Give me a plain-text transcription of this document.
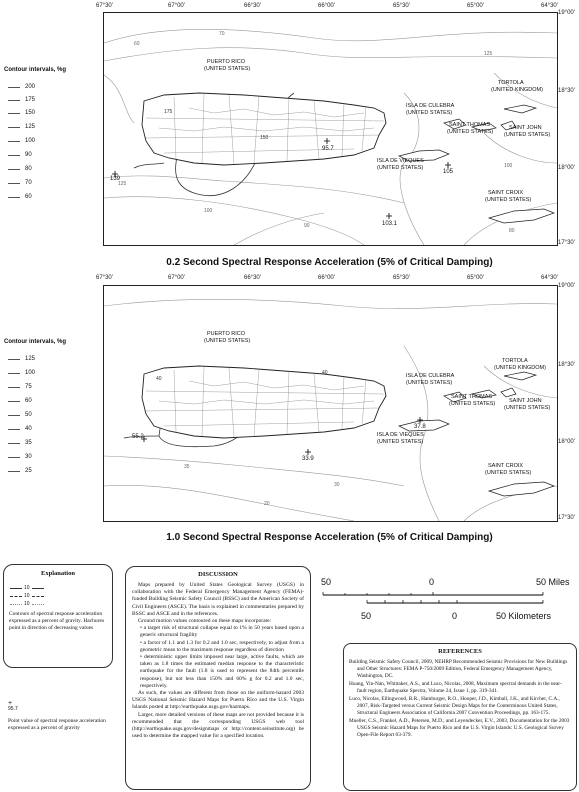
67°30'	67°00'	66°30'	66°00'	65°30'	65°00'	64°30'
19°00'
18°30'
18°00'
17°30'
Contour intervals, %g
200
175
150
125
100
90
80
70
60
PUERTO RICO
(UNITED STATES)
ISLA DE CULEBRA
(UNITED STATES)
TORTOLA
(UNITED KINGDOM)
SAINT THOMAS
(UNITED STATES)
SAINT JOHN
(UNITED STATES)
ISLA DE VIEQUES
(UNITED STATES)
SAINT CROIX
(UNITED STATES)
139
95.7
105
103.1
175
150
125
100
90
80
70
60
100
125
0.2 Second Spectral Response Acceleration (5% of Critical Damping)
67°30'	67°00'	66°30'	66°00'	65°30'	65°00'	64°30'
19°00'
18°30'
18°00'
17°30'
Contour intervals, %g
125
100
75
60
50
40
35
30
25
PUERTO RICO
(UNITED STATES)
ISLA DE CULEBRA
(UNITED STATES)
TORTOLA
(UNITED KINGDOM)
SAINT THOMAS
(UNITED STATES)	SAINT JOHN
(UNITED STATES)
ISLA DE VIEQUES
(UNITED STATES)
SAINT CROIX
(UNITED STATES)
55.2
37.8
33.9
40
40
35
30
20
1.0 Second Spectral Response Acceleration (5% of Critical Damping)
Explanation
10
10
10
Contours of spectral response acceleration expressed as a percent of gravity. Hachures point in direction of decreasing values
+
95.7
Point value of spectral response acceleration expressed as a percent of gravity
DISCUSSION
Maps prepared by United States Geological Survey (USGS) in collaboration with the Federal Emergency Management Agency (FEMA)-funded Building Seismic Safety Council (BSSC) and the American Society of Civil Engineers (ASCE). The basis is explained in commentaries prepared by BSSC and ASCE and in the references.
Ground motion values contoured on these maps incorporate:
• a target risk of structural collapse equal to 1% in 50 years based upon a generic structural fragility
• a factor of 1.1 and 1.3 for 0.2 and 1.0 sec, respectively, to adjust from a geometric mean to the maximum response regardless of direction
• deterministic upper limits imposed near large, active faults, which are taken as 1.8 times the estimated median response to the characteristic earthquake for the fault (1.8 is used to represent the 84th percentile response), but not less than 150% and 60% g for 0.2 and 1.0 sec, respectively.
As such, the values are different from those on the uniform-hazard 2003 USGS National Seismic Hazard Maps for Puerto Rico and the U.S. Virgin Islands posted at http://earthquake.usgs.gov/hazmaps.
Larger, more detailed versions of these maps are not provided because it is recommended that the corresponding USGS web tool (http://earthquake.usgs.gov/designmaps or http://content.seinstitute.org) be used to determine the mapped value for a specified location.
50	0	50 Miles
50	0	50 Kilometers
REFERENCES
Building Seismic Safety Council, 2009, NEHRP Recommended Seismic Provisions for New Buildings and Other Structures: FEMA P-750/2009 Edition, Federal Emergency Management Agency, Washington, DC.
Huang, Yin-Nan, Whittaker, A.S., and Luco, Nicolas, 2008, Maximum spectral demands in the near-fault region, Earthquake Spectra, Volume 24, Issue 1, pp. 319-341.
Luco, Nicolas, Ellingwood, B.R., Hamburger, R.O., Hooper, J.D., Kimball, J.K., and Kircher, C.A., 2007, Risk-Targeted versus Current Seismic Design Maps for the Conterminous United States, Structural Engineers Association of California 2007 Convention Proceedings, pp. 163-175.
Mueller, C.S., Frankel, A.D., Petersen, M.D., and Leyendecker, E.V., 2003, Documentation for the 2003 USGS Seismic Hazard Maps for Puerto Rico and the U.S. Virgin Islands: U.S. Geological Survey Open-File Report 03-379.
